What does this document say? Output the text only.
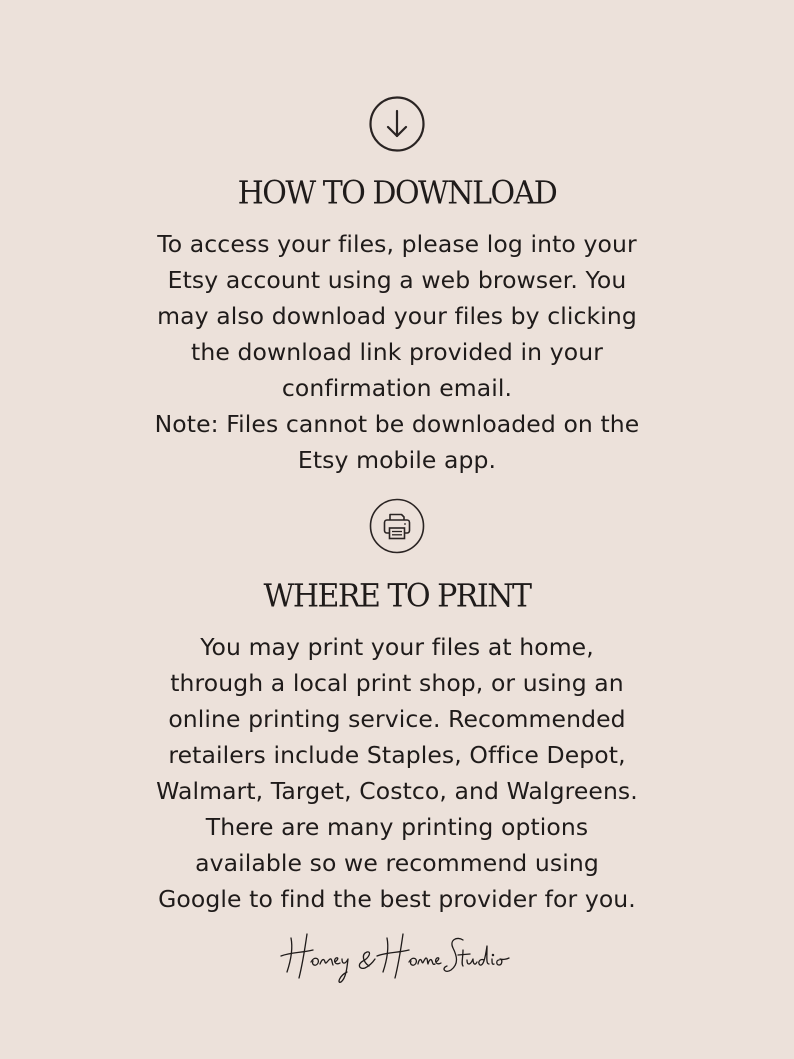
HOW TO DOWNLOAD
To access your files, please log into your
Etsy account using a web browser. You
may also download your files by clicking
the download link provided in your
confirmation email.
Note: Files cannot be downloaded on the
Etsy mobile app.
WHERE TO PRINT
You may print your files at home,
through a local print shop, or using an
online printing service. Recommended
retailers include Staples, Office Depot,
Walmart, Target, Costco, and Walgreens.
There are many printing options
available so we recommend using
Google to find the best provider for you.
